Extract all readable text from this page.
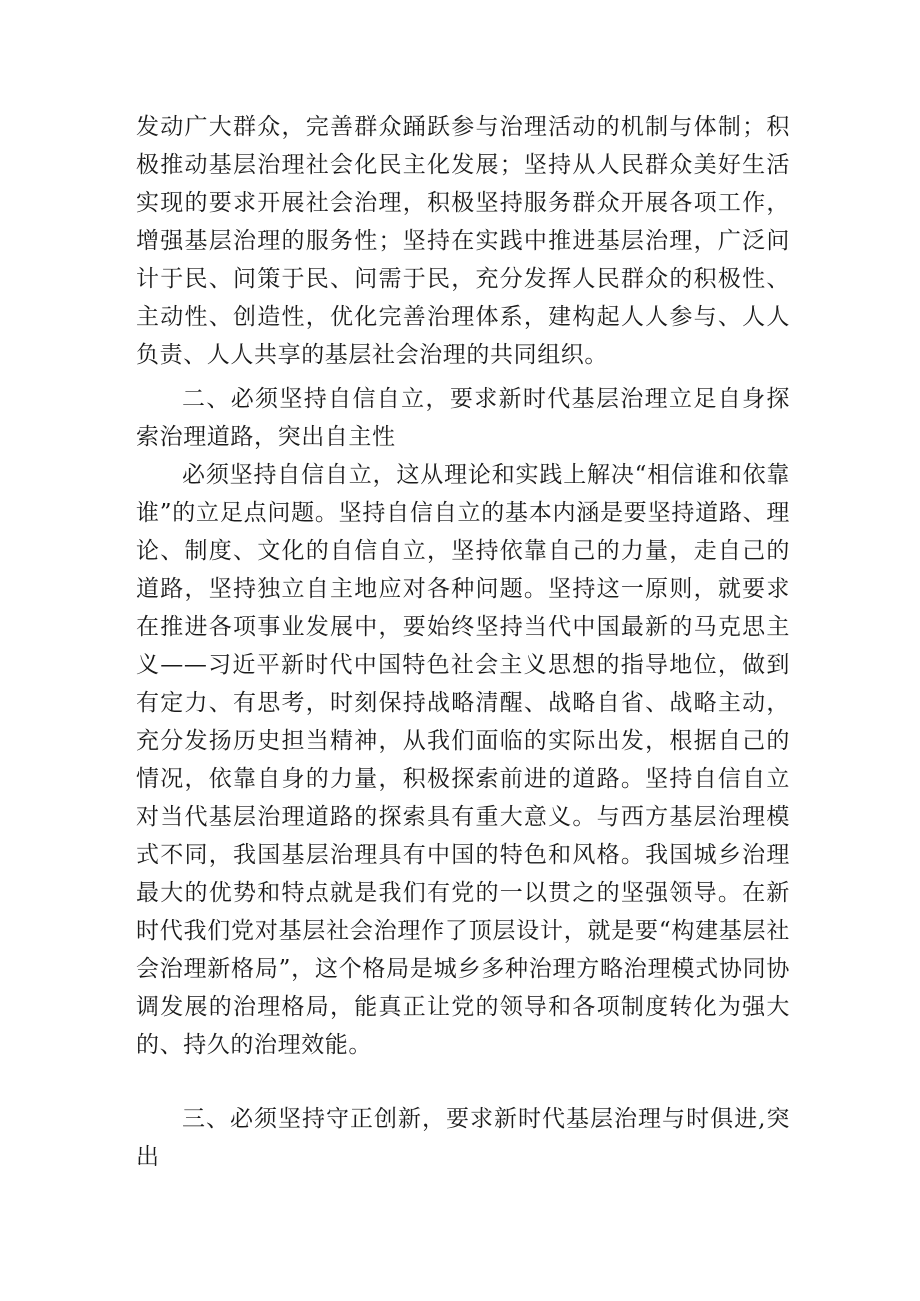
发动广大群众，完善群众踊跃参与治理活动的机制与体制；积极推动基层治理社会化民主化发展；坚持从人民群众美好生活实现的要求开展社会治理，积极坚持服务群众开展各项工作，增强基层治理的服务性；坚持在实践中推进基层治理，广泛问计于民、问策于民、问需于民，充分发挥人民群众的积极性、主动性、创造性，优化完善治理体系，建构起人人参与、人人负责、人人共享的基层社会治理的共同组织。

二、必须坚持自信自立，要求新时代基层治理立足自身探索治理道路，突出自主性

必须坚持自信自立，这从理论和实践上解决“相信谁和依靠谁”的立足点问题。坚持自信自立的基本内涵是要坚持道路、理论、制度、文化的自信自立，坚持依靠自己的力量，走自己的道路，坚持独立自主地应对各种问题。坚持这一原则，就要求在推进各项事业发展中，要始终坚持当代中国最新的马克思主义——习近平新时代中国特色社会主义思想的指导地位，做到有定力、有思考，时刻保持战略清醒、战略自省、战略主动，充分发扬历史担当精神，从我们面临的实际出发，根据自己的情况，依靠自身的力量，积极探索前进的道路。坚持自信自立对当代基层治理道路的探索具有重大意义。与西方基层治理模式不同，我国基层治理具有中国的特色和风格。我国城乡治理最大的优势和特点就是我们有党的一以贯之的坚强领导。在新时代我们党对基层社会治理作了顶层设计，就是要“构建基层社会治理新格局”，这个格局是城乡多种治理方略治理模式协同协调发展的治理格局，能真正让党的领导和各项制度转化为强大的、持久的治理效能。

三、必须坚持守正创新，要求新时代基层治理与时俱进,突出
